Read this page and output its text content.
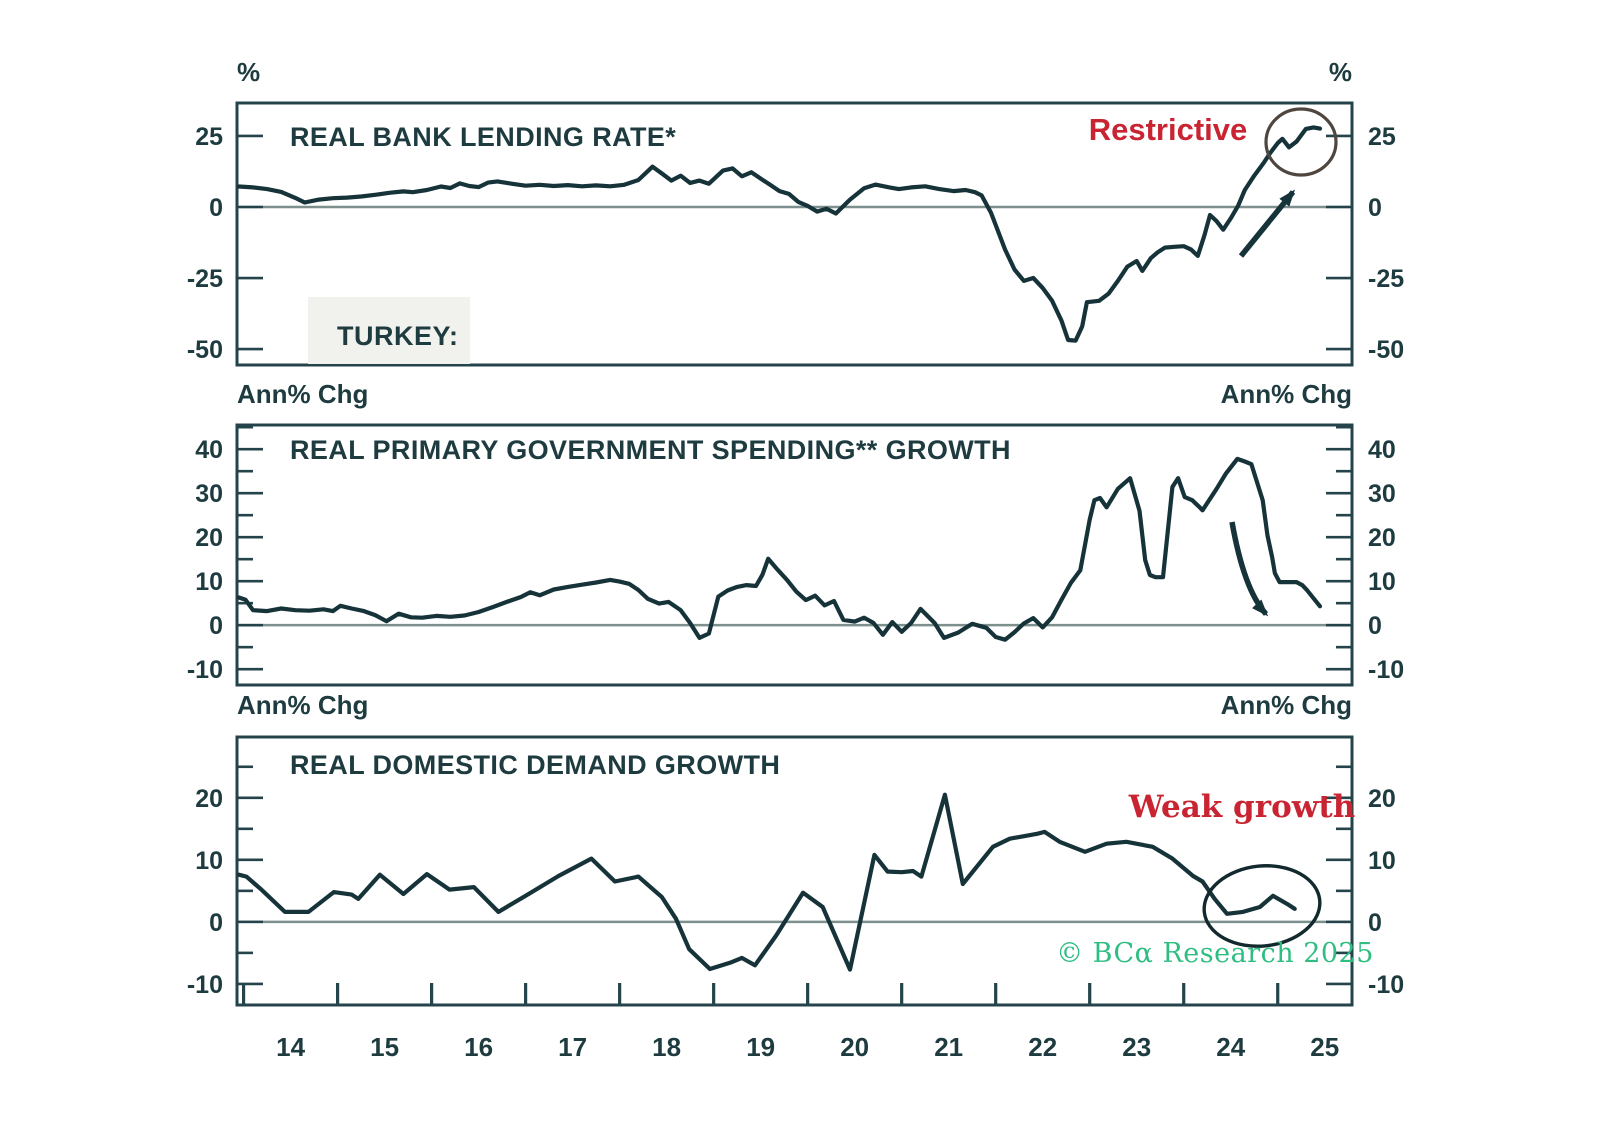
25	25
0	0
-25	-25
-50	-50
40	40
30	30
20	20
10	10
0	0
-10	-10
20	20
10	10
0	0
-10	-10
14	15	16	17	18	19	20	21	22	23	24	25
%	%
Ann% Chg	Ann% Chg
Ann% Chg	Ann% Chg
REAL BANK LENDING RATE*
REAL PRIMARY GOVERNMENT SPENDING** GROWTH
REAL DOMESTIC DEMAND GROWTH
TURKEY:
Restrictive
Weak growth
© BCα Research 2025
